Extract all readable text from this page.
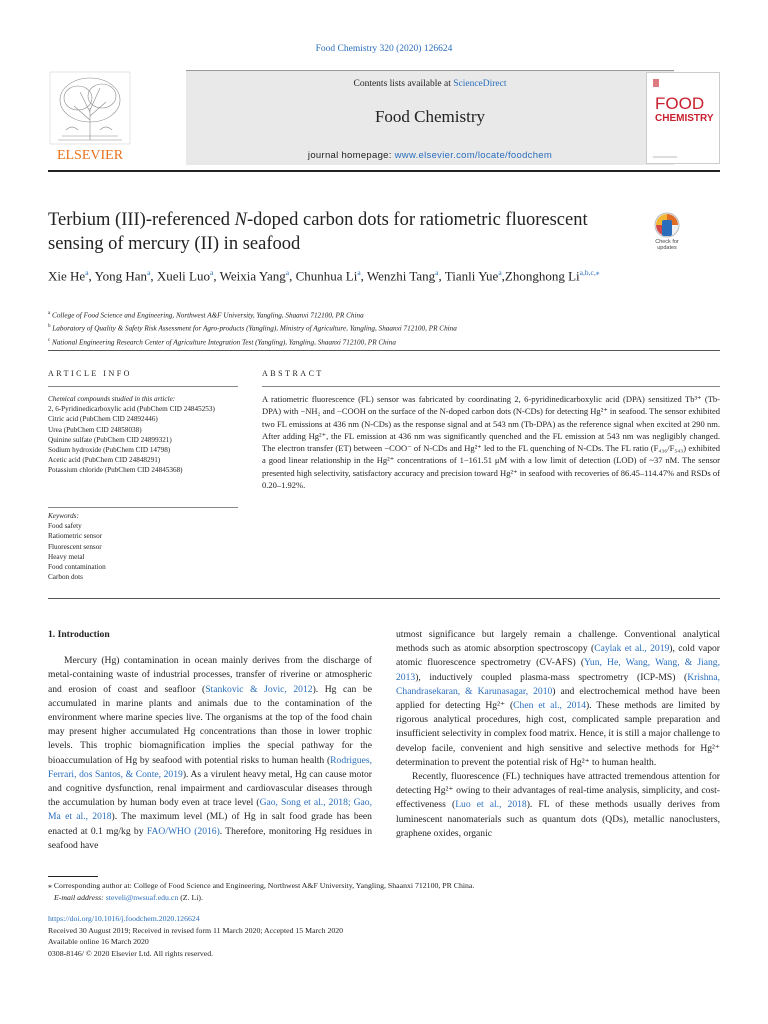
Food Chemistry 320 (2020) 126624
ELSEVIER
Contents lists available at ScienceDirect
Food Chemistry
journal homepage: www.elsevier.com/locate/foodchem
FOOD
CHEMISTRY
Terbium (III)-referenced N-doped carbon dots for ratiometric fluorescent sensing of mercury (II) in seafood	Check for updates
Xie He$^a$, Yong Han$^a$, Xueli Luo$^a$, Weixia Yang$^a$, Chunhua Li$^a$, Wenzhi Tang$^a$, Tianli Yue$^a$,Zhonghong $Li^{a,b,c,⁎}$
$^a$ College of Food Science and Engineering, Northwest A&F University, Yangling, Shaanxi 712100, PR China
$^b$ Laboratory of Quality & Safety Risk Assessment for Agro-products (Yangling), Ministry of Agriculture, Yangling, Shaanxi 712100, PR China
$^c$ National Engineering Research Center of Agriculture Integration Test (Yangling), Yangling, Shaanxi 712100, PR China
ARTICLE INFO	ABSTRACT
Chemical compounds studied in this article:
2, 6-Pyridinedicarboxylic acid (PubChem CID 24845253)
Citric acid (PubChem CID 24892446)
Urea (PubChem CID 24858038)
Quinine sulfate (PubChem CID 24899321)
Sodium hydroxide (PubChem CID 14798)
Acetic acid (PubChem CID 24848291)
Potassium chloride (PubChem CID 24845368)
Keywords:
Food safety
Ratiometric sensor
Fluorescent sensor
Heavy metal
Food contamination
Carbon dots
A ratiometric fluorescence (FL) sensor was fabricated by coordinating 2, 6-pyridinedicarboxylic acid (DPA) sensitized Tb³⁺ (Tb-DPA) with −NH₂ and −COOH on the surface of the N-doped carbon dots (N-CDs) for detecting Hg²⁺ in seafood. The sensor exhibited two FL emissions at 436 nm (N-CDs) as the response signal and at 543 nm (Tb-DPA) as the reference signal when excited at 290 nm. After adding Hg²⁺, the FL emission at 436 nm was significantly quenched and the FL emission at 543 nm was negligibly changed. The electron transfer (ET) between −COO⁻ of N-CDs and Hg²⁺ led to the FL quenching of N-CDs. The FL ratio (F₄₃₆/F₅₄₃) exhibited a good linear relationship in the Hg²⁺ concentrations of 1−161.51 μM with a low limit of detection (LOD) of ~37 nM. The sensor presented high selectivity, satisfactory accuracy and precision toward Hg²⁺ in seafood with recoveries of 86.45–114.47% and RSDs of 0.20–1.92%.
1. Introduction

Mercury (Hg) contamination in ocean mainly derives from the discharge of metal-containing waste of industrial processes, transfer of riverine or atmospheric and erosion of coast and seafloor (Stankovic & Jovic, 2012). Hg can be accumulated in marine plants and animals due to the contamination of the environment where marine species live. The organisms at the top of the food chain may present higher accumulated Hg concentrations than those in lower trophic levels. This trophic biomagnification implies the special pathway for the bioaccumulation of Hg by seafood with potential risks to human health (Rodrigues, Ferrari, dos Santos, & Conte, 2019). As a virulent heavy metal, Hg can cause motor and cognitive dysfunction, renal impairment and cardiovascular diseases through the accumulation by human body even at trace level (Gao, Song et al., 2018; Gao, Ma et al., 2018). The maximum level (ML) of Hg in salt food grade has been enacted at 0.1 mg/kg by FAO/WHO (2016). Therefore, monitoring Hg residues in seafood have

utmost significance but largely remain a challenge. Conventional analytical methods such as atomic absorption spectroscopy (Caylak et al., 2019), cold vapor atomic fluorescence spectrometry (CV-AFS) (Yun, He, Wang, Wang, & Jiang, 2013), inductively coupled plasma-mass spectrometry (ICP-MS) (Krishna, Chandrasekaran, & Karunasagar, 2010) and electrochemical method have been applied for detecting Hg²⁺ (Chen et al., 2014). These methods are limited by rigorous analytical procedures, high cost, complicated sample preparation and insufficient selectivity in complex food matrix. Hence, it is still a major challenge to develop facile, convenient and high sensitive and selective methods for Hg²⁺ determination to prevent the potential risk of Hg²⁺ to human health.

Recently, fluorescence (FL) techniques have attracted tremendous attention for detecting Hg²⁺ owing to their advantages of real-time analysis, simplicity, and cost-effectiveness (Luo et al., 2018). FL of these methods usually derives from luminescent nanomaterials such as quantum dots (QDs), metallic nanoclusters, graphene oxides, organic

⁎ Corresponding author at: College of Food Science and Engineering, Northwest A&F University, Yangling, Shaanxi 712100, PR China.
E-mail address: steveli@nwsuaf.edu.cn (Z. Li).
https://doi.org/10.1016/j.foodchem.2020.126624
Received 30 August 2019; Received in revised form 11 March 2020; Accepted 15 March 2020
Available online 16 March 2020
0308-8146/ © 2020 Elsevier Ltd. All rights reserved.
